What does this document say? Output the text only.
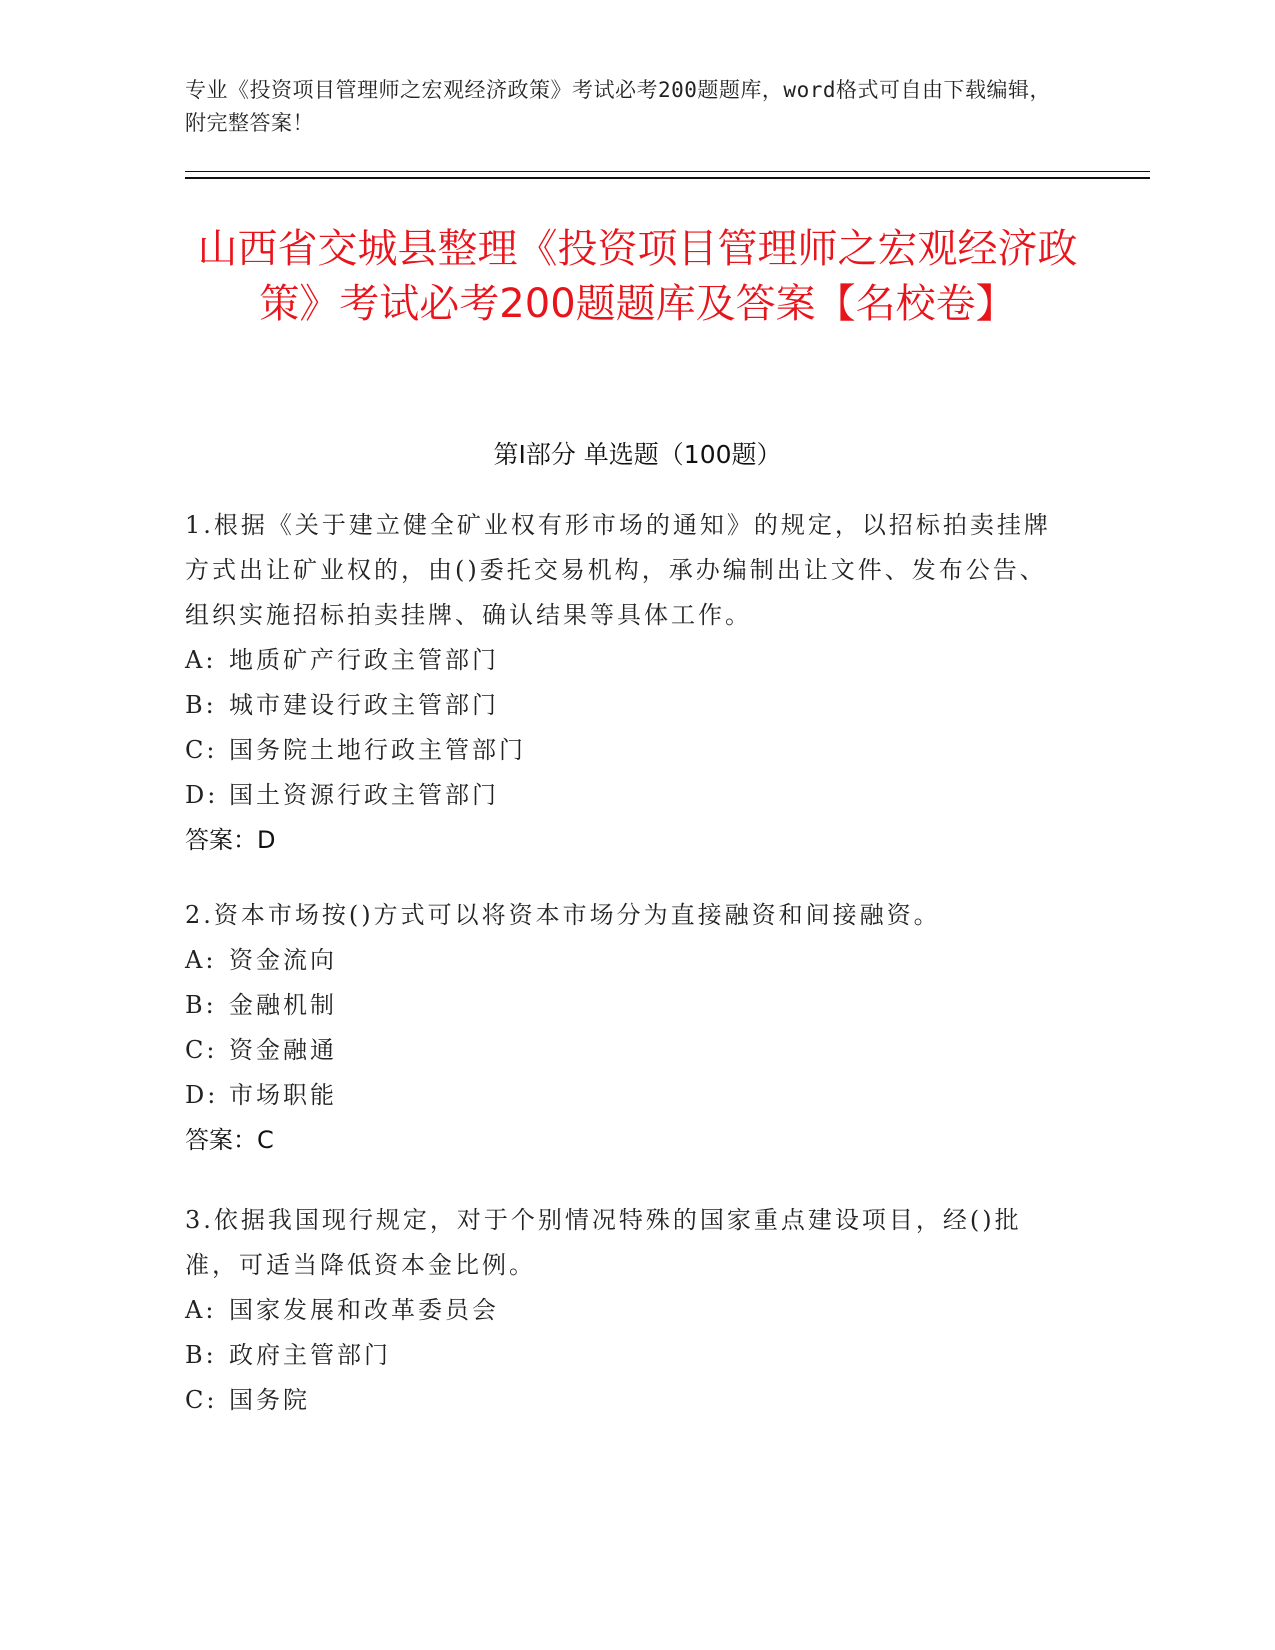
专业《投资项目管理师之宏观经济政策》考试必考200题题库，word格式可自由下载编辑，附完整答案！
山西省交城县整理《投资项目管理师之宏观经济政策》考试必考200题题库及答案【名校卷】
第Ⅰ部分 单选题（100题）
1.根据《关于建立健全矿业权有形市场的通知》的规定，以招标拍卖挂牌方式出让矿业权的，由()委托交易机构，承办编制出让文件、发布公告、组织实施招标拍卖挂牌、确认结果等具体工作。
A: 地质矿产行政主管部门
B: 城市建设行政主管部门
C: 国务院土地行政主管部门
D: 国土资源行政主管部门
答案：D
2.资本市场按()方式可以将资本市场分为直接融资和间接融资。
A: 资金流向
B: 金融机制
C: 资金融通
D: 市场职能
答案：C
3.依据我国现行规定，对于个别情况特殊的国家重点建设项目，经()批准，可适当降低资本金比例。
A: 国家发展和改革委员会
B: 政府主管部门
C: 国务院
